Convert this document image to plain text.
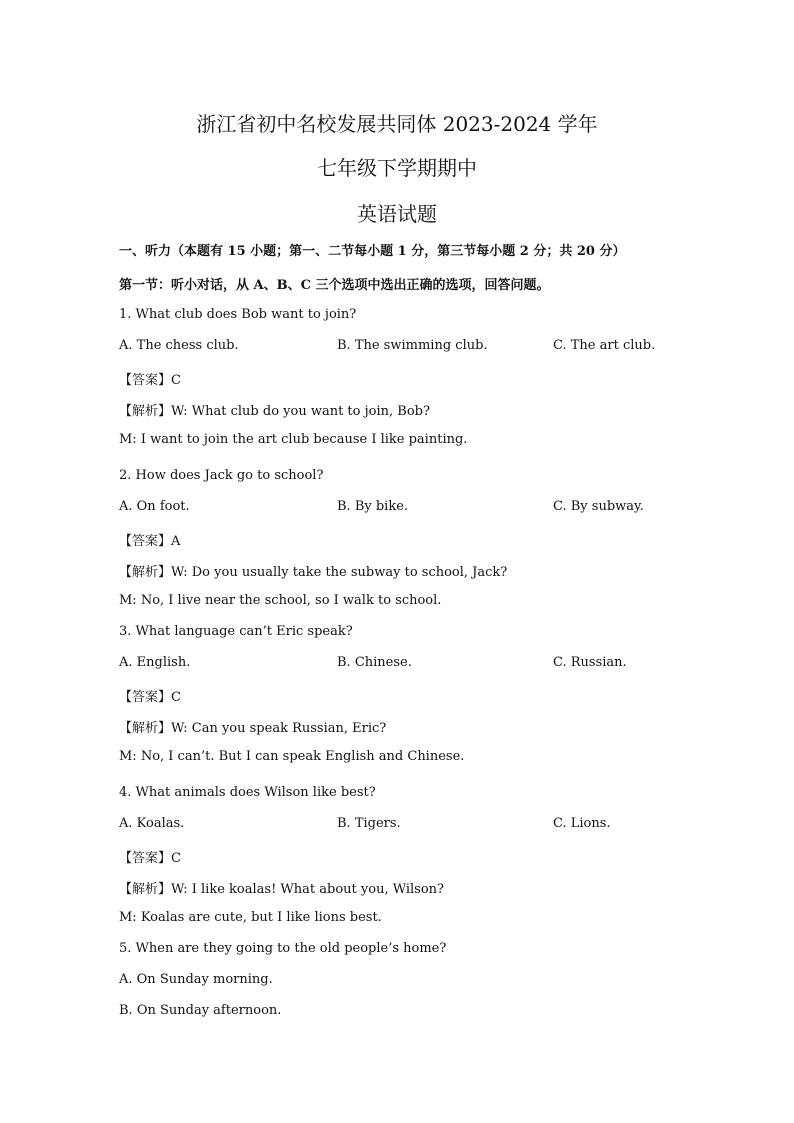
浙江省初中名校发展共同体 2023-2024 学年
七年级下学期期中
英语试题
一、听力（本题有 15 小题；第一、二节每小题 1 分，第三节每小题 2 分；共 20 分）
第一节：听小对话，从 A、B、C 三个选项中选出正确的选项，回答问题。
1. What club does Bob want to join?
A. The chess club.	B. The swimming club.	C. The art club.
【答案】C
【解析】W: What club do you want to join, Bob?
M: I want to join the art club because I like painting.
2. How does Jack go to school?
A. On foot.	B. By bike.	C. By subway.
【答案】A
【解析】W: Do you usually take the subway to school, Jack?
M: No, I live near the school, so I walk to school.
3. What language can’t Eric speak?
A. English.	B. Chinese.	C. Russian.
【答案】C
【解析】W: Can you speak Russian, Eric?
M: No, I can’t. But I can speak English and Chinese.
4. What animals does Wilson like best?
A. Koalas.	B. Tigers.	C. Lions.
【答案】C
【解析】W: I like koalas! What about you, Wilson?
M: Koalas are cute, but I like lions best.
5. When are they going to the old people’s home?
A. On Sunday morning.
B. On Sunday afternoon.
